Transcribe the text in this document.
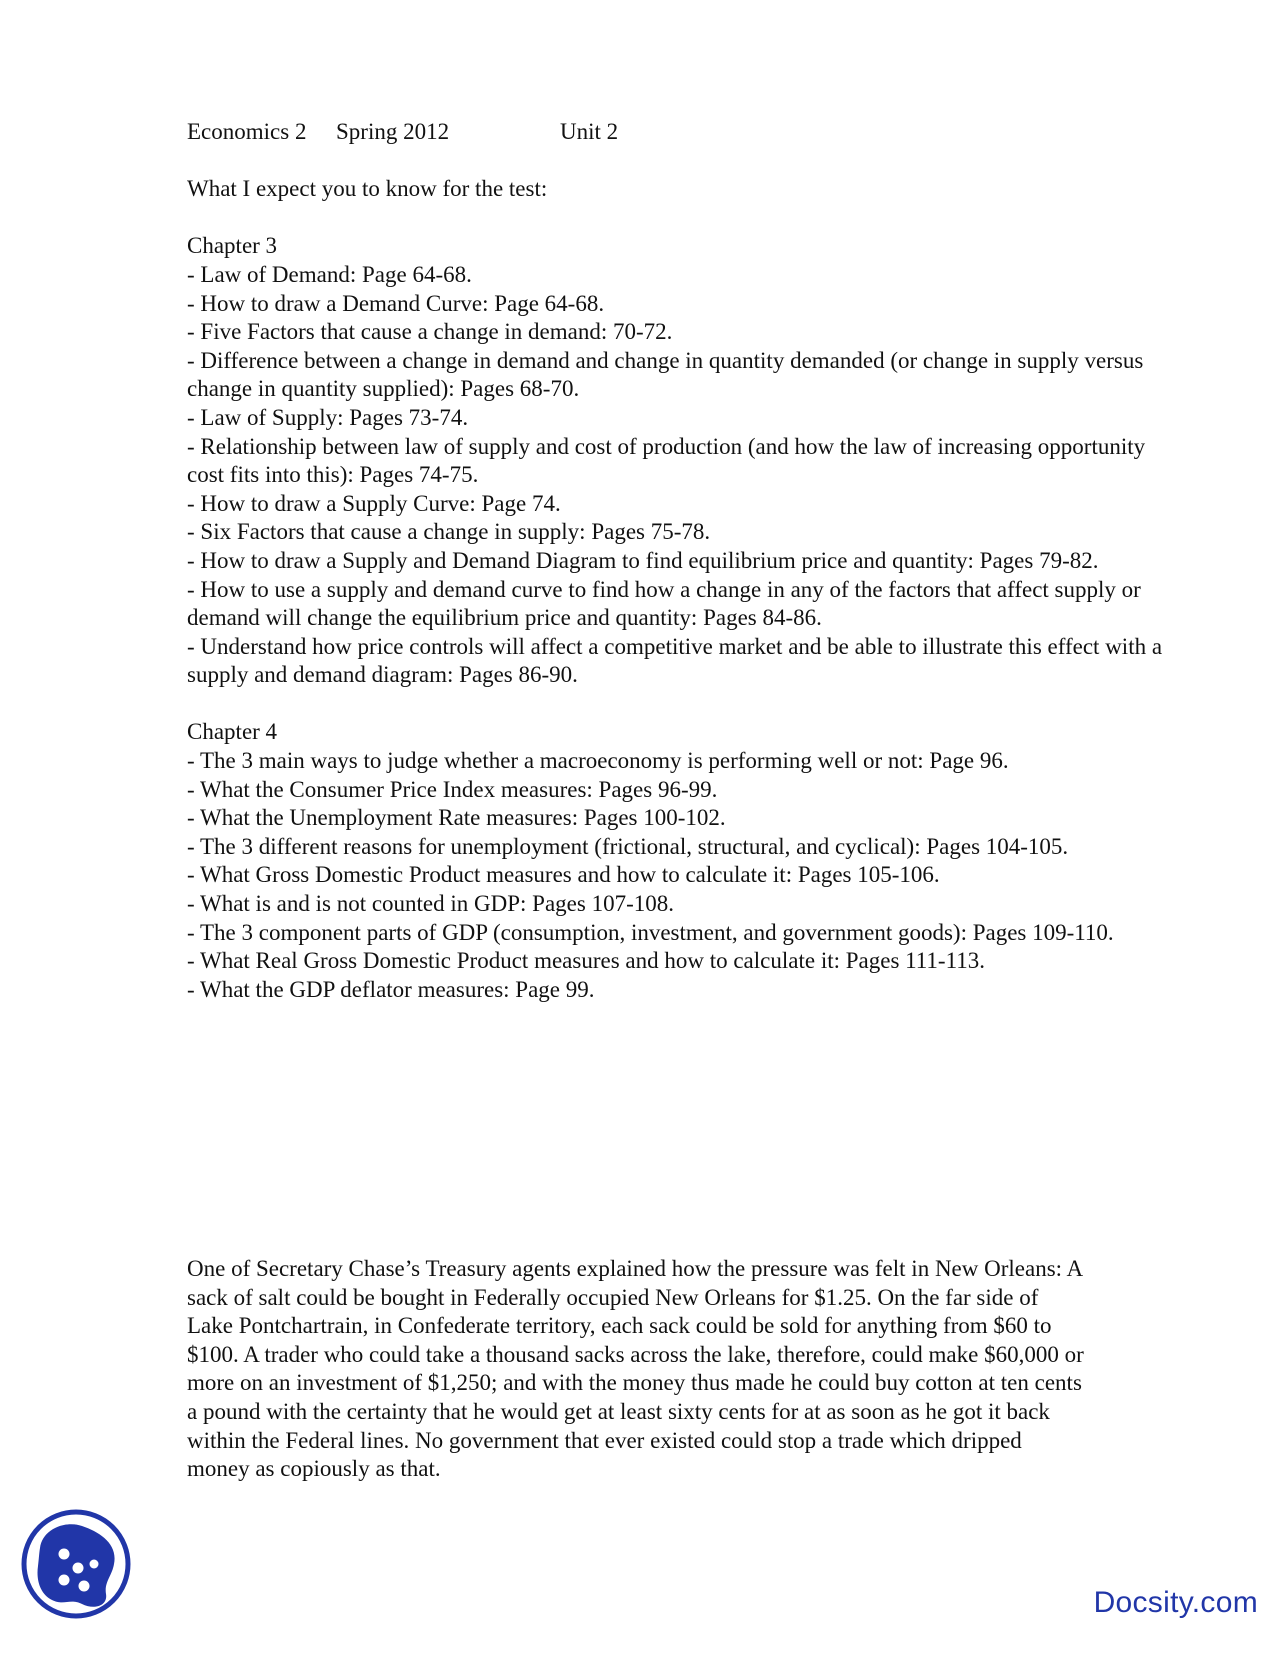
Economics 2 Spring 2012	Unit 2

What I expect you to know for the test:

Chapter 3

- Law of Demand: Page 64-68.

- How to draw a Demand Curve: Page 64-68.

- Five Factors that cause a change in demand: 70-72.

- Difference between a change in demand and change in quantity demanded (or change in supply versus change in quantity supplied): Pages 68-70.

- Law of Supply: Pages 73-74.

- Relationship between law of supply and cost of production (and how the law of increasing opportunity cost fits into this): Pages 74-75.

- How to draw a Supply Curve: Page 74.

- Six Factors that cause a change in supply: Pages 75-78.

- How to draw a Supply and Demand Diagram to find equilibrium price and quantity: Pages 79-82.

- How to use a supply and demand curve to find how a change in any of the factors that affect supply or demand will change the equilibrium price and quantity: Pages 84-86.

- Understand how price controls will affect a competitive market and be able to illustrate this effect with a supply and demand diagram: Pages 86-90.

Chapter 4

- The 3 main ways to judge whether a macroeconomy is performing well or not: Page 96.

- What the Consumer Price Index measures: Pages 96-99.

- What the Unemployment Rate measures: Pages 100-102.

- The 3 different reasons for unemployment (frictional, structural, and cyclical): Pages 104-105.

- What Gross Domestic Product measures and how to calculate it: Pages 105-106.

- What is and is not counted in GDP: Pages 107-108.

- The 3 component parts of GDP (consumption, investment, and government goods): Pages 109-110.

- What Real Gross Domestic Product measures and how to calculate it: Pages 111-113.

- What the GDP deflator measures: Page 99.

One of Secretary Chase’s Treasury agents explained how the pressure was felt in New Orleans: A sack of salt could be bought in Federally occupied New Orleans for $1.25. On the far side of Lake Pontchartrain, in Confederate territory, each sack could be sold for anything from $60 to $100. A trader who could take a thousand sacks across the lake, therefore, could make $60,000 or more on an investment of $1,250; and with the money thus made he could buy cotton at ten cents a pound with the certainty that he would get at least sixty cents for at as soon as he got it back within the Federal lines. No government that ever existed could stop a trade which dripped money as copiously as that.

Docsity.com
